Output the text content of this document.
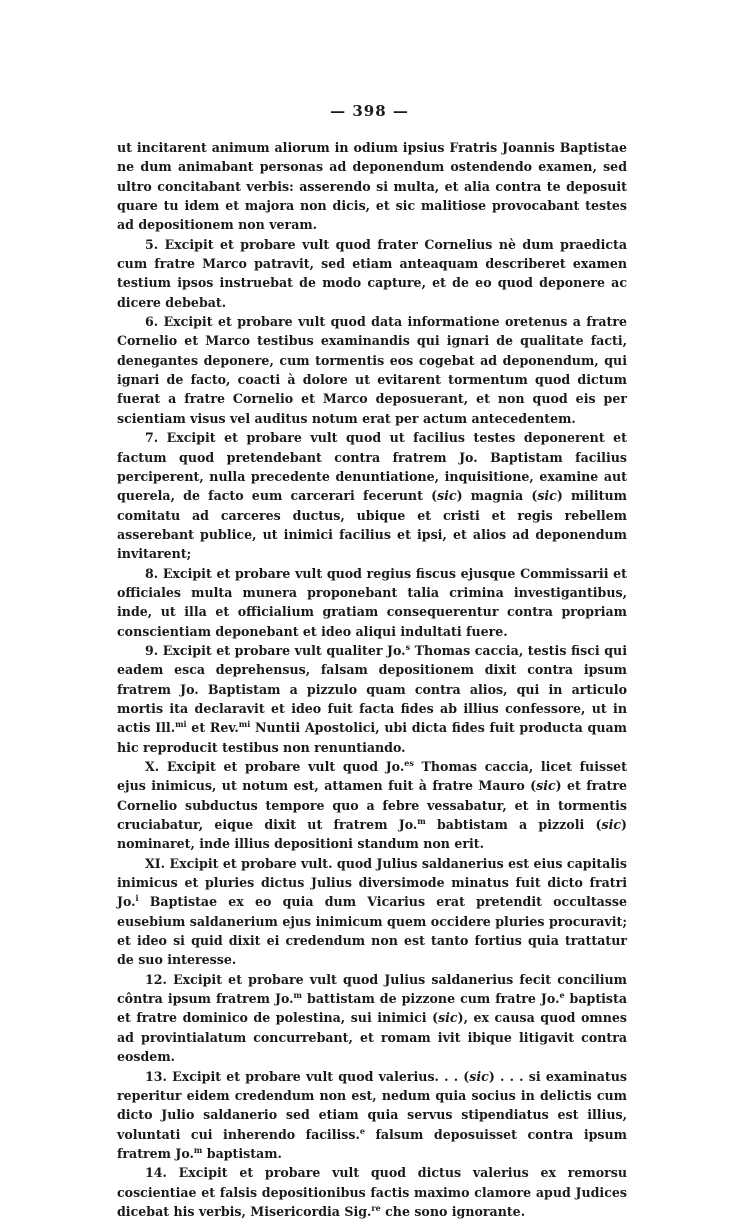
— 398 —

ut incitarent animum aliorum in odium ipsius Fratris Joannis Baptistae ne dum animabant personas ad deponendum ostendendo examen, sed ultro concitabant verbis: asserendo si multa, et alia contra te deposuit quare tu idem et majora non dicis, et sic malitiose provocabant testes ad depositionem non veram.

5. Excipit et probare vult quod frater Cornelius nè dum praedicta cum fratre Marco patravit, sed etiam anteaquam describeret examen testium ipsos instruebat de modo capture, et de eo quod deponere ac dicere debebat.

6. Excipit et probare vult quod data informatione oretenus a fratre Cornelio et Marco testibus examinandis qui ignari de qualitate facti, denegantes deponere, cum tormentis eos cogebat ad deponendum, qui ignari de facto, coacti à dolore ut evitarent tormentum quod dictum fuerat a fratre Cornelio et Marco deposuerant, et non quod eis per scientiam visus vel auditus notum erat per actum antecedentem.

7. Excipit et probare vult quod ut facilius testes deponerent et factum quod pretendebant contra fratrem Jo. Baptistam facilius perciperent, nulla precedente denuntiatione, inquisitione, examine aut querela, de facto eum carcerari fecerunt (sic) magnia (sic) militum comitatu ad carceres ductus, ubique et cristi et regis rebellem asserebant publice, ut inimici facilius et ipsi, et alios ad deponendum invitarent;

8. Excipit et probare vult quod regius fiscus ejusque Commissarii et officiales multa munera proponebant talia crimina investigantibus, inde, ut illa et officialium gratiam consequerentur contra propriam conscientiam deponebant et ideo aliqui indultati fuere.

9. Excipit et probare vult qualiter Jo.$^s$ Thomas caccia, testis fisci qui eadem esca deprehensus, falsam depositionem dixit contra ipsum fratrem Jo. Baptistam a pizzulo quam contra alios, qui in articulo mortis ita declaravit et ideo fuit facta fides ab illius confessore, ut in actis Ill.$^{mi}$ et Rev.$^{mi}$ Nuntii Apostolici, ubi dicta fides fuit producta quam hic reproducit testibus non renuntiando.

X. Excipit et probare vult quod Jo.$^{es}$ Thomas caccia, licet fuisset ejus inimicus, ut notum est, attamen fuit à fratre Mauro (sic) et fratre Cornelio subductus tempore quo a febre vessabatur, et in tormentis cruciabatur, eique dixit ut fratrem Jo.$^m$ babtistam a pizzoli (sic) nominaret, inde illius depositioni standum non erit.

XI. Excipit et probare vult. quod Julius saldanerius est eius capitalis inimicus et pluries dictus Julius diversimode minatus fuit dicto fratri Jo.$^i$ Baptistae ex eo quia dum Vicarius erat pretendit occultasse eusebium saldanerium ejus inimicum quem occidere pluries procuravit; et ideo si quid dixit ei credendum non est tanto fortius quia trattatur de suo interesse.

12. Excipit et probare vult quod Julius saldanerius fecit concilium côntra ipsum fratrem Jo.$^m$ battistam de pizzone cum fratre Jo.$^e$ baptista et fratre dominico de polestina, sui inimici (sic), ex causa quod omnes ad provintialatum concurrebant, et romam ivit ibique litigavit contra eosdem.

13. Excipit et probare vult quod valerius. . . (sic) . . . si examinatus reperitur eidem credendum non est, nedum quia socius in delictis cum dicto Julio saldanerio sed etiam quia servus stipendiatus est illius, voluntati cui inherendo faciliss.$^e$ falsum deposuisset contra ipsum fratrem Jo.$^m$ baptistam.

14. Excipit et probare vult quod dictus valerius ex remorsu coscientiae et falsis depositionibus factis maximo clamore apud Judices dicebat his verbis, Misericordia Sig.$^{re}$ che sono ignorante.
